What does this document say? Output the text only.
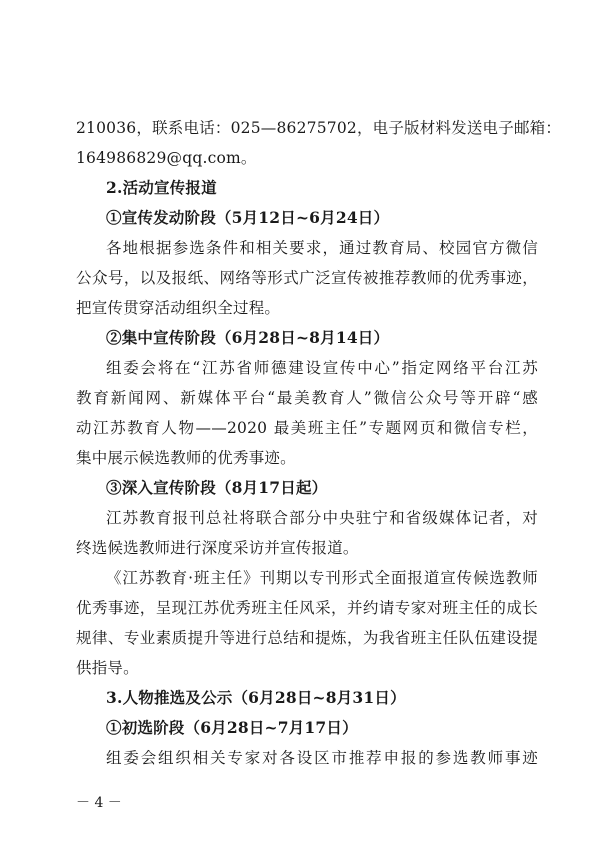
210036，联系电话：025—86275702，电子版材料发送电子邮箱：
164986829@qq.com。
2.活动宣传报道
①宣传发动阶段（5月12日~6月24日）
各地根据参选条件和相关要求，通过教育局、校园官方微信
公众号，以及报纸、网络等形式广泛宣传被推荐教师的优秀事迹，
把宣传贯穿活动组织全过程。
②集中宣传阶段（6月28日~8月14日）
组委会将在“江苏省师德建设宣传中心”指定网络平台江苏
教育新闻网、新媒体平台“最美教育人”微信公众号等开辟“感
动江苏教育人物——2020 最美班主任”专题网页和微信专栏，
集中展示候选教师的优秀事迹。
③深入宣传阶段（8月17日起）
江苏教育报刊总社将联合部分中央驻宁和省级媒体记者，对
终选候选教师进行深度采访并宣传报道。
《江苏教育·班主任》刊期以专刊形式全面报道宣传候选教师
优秀事迹，呈现江苏优秀班主任风采，并约请专家对班主任的成长
规律、专业素质提升等进行总结和提炼，为我省班主任队伍建设提
供指导。
3.人物推选及公示（6月28日~8月31日）
①初选阶段（6月28日~7月17日）
组委会组织相关专家对各设区市推荐申报的参选教师事迹
－ 4 －
